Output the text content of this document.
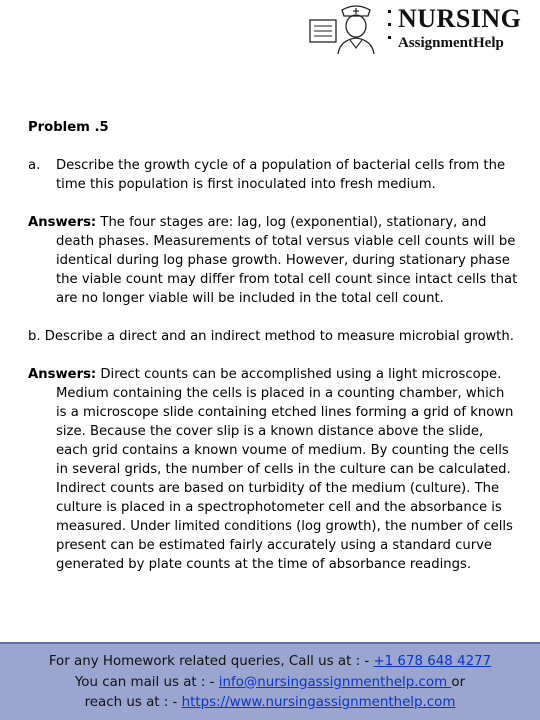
NURSING
AssignmentHelp

Problem .5

a.	Describe the growth cycle of a population of bacterial cells from the time this population is first inoculated into fresh medium.

Answers: The four stages are: lag, log (exponential), stationary, and death phases. Measurements of total versus viable cell counts will be identical during log phase growth. However, during stationary phase the viable count may differ from total cell count since intact cells that are no longer viable will be included in the total cell count.

b. Describe a direct and an indirect method to measure microbial growth.

Answers: Direct counts can be accomplished using a light microscope. Medium containing the cells is placed in a counting chamber, which is a microscope slide containing etched lines forming a grid of known size. Because the cover slip is a known distance above the slide, each grid contains a known voume of medium. By counting the cells in several grids, the number of cells in the culture can be calculated. Indirect counts are based on turbidity of the medium (culture). The culture is placed in a spectrophotometer cell and the absorbance is measured. Under limited conditions (log growth), the number of cells present can be estimated fairly accurately using a standard curve generated by plate counts at the time of absorbance readings.

For any Homework related queries, Call us at : - +1 678 648 4277
You can mail us at : - info@nursingassignmenthelp.com or
reach us at : - https://www.nursingassignmenthelp.com
